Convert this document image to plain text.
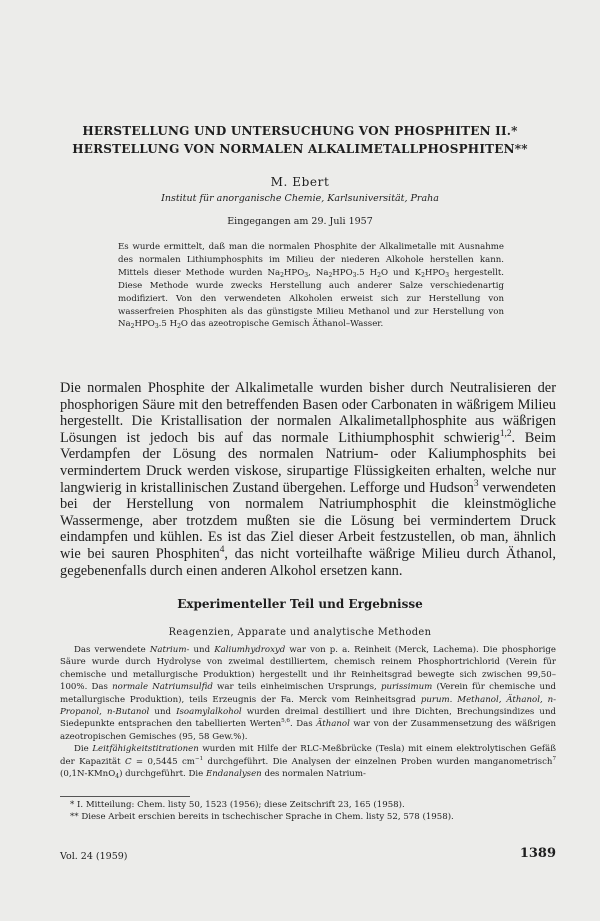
HERSTELLUNG UND UNTERSUCHUNG VON PHOSPHITEN II.*
HERSTELLUNG VON NORMALEN ALKALIMETALLPHOSPHITEN**
M. Ebert
Institut für anorganische Chemie, Karlsuniversität, Praha
Eingegangen am 29. Juli 1957
Es wurde ermittelt, daß man die normalen Phosphite der Alkalimetalle mit Ausnahme des normalen Lithiumphosphits im Milieu der niederen Alkohole herstellen kann. Mittels dieser Methode wurden $Na_2HPO_3$, $Na_2HPO_3.5$ $H_2O$ und $K_2HPO_3$ hergestellt. Diese Methode wurde zwecks Herstellung auch anderer Salze verschiedenartig modifiziert. Von den verwendeten Alkoholen erweist sich zur Herstellung von wasserfreien Phosphiten als das günstigste Milieu Methanol und zur Herstellung von $Na_2HPO_3.5$ $H_2O$ das azeotropische Gemisch Äthanol–Wasser.
Die normalen Phosphite der Alkalimetalle wurden bisher durch Neutralisieren der phosphorigen Säure mit den betreffenden Basen oder Carbonaten in wäßrigem Milieu hergestellt. Die Kristallisation der normalen Alkalimetallphosphite aus wäßrigen Lösungen ist jedoch bis auf das normale Lithiumphosphit schwierig$^{1,2}$. Beim Verdampfen der Lösung des normalen Natrium- oder Kaliumphosphits bei vermindertem Druck werden viskose, sirupartige Flüssigkeiten erhalten, welche nur langwierig in kristallinischen Zustand übergehen. Lefforge und Hudson$^3$ verwendeten bei der Herstellung von normalem Natriumphosphit die kleinstmögliche Wassermenge, aber trotzdem mußten sie die Lösung bei vermindertem Druck eindampfen und kühlen. Es ist das Ziel dieser Arbeit festzustellen, ob man, ähnlich wie bei sauren Phosphiten$^4$, das nicht vorteilhafte wäßrige Milieu durch Äthanol, gegebenenfalls durch einen anderen Alkohol ersetzen kann.
Experimenteller Teil und Ergebnisse
Reagenzien, Apparate und analytische Methoden

Das verwendete Natrium- und Kaliumhydroxyd war von p. a. Reinheit (Merck, Lachema). Die phosphorige Säure wurde durch Hydrolyse von zweimal destilliertem, chemisch reinem Phosphortrichlorid (Verein für chemische und metallurgische Produktion) hergestellt und ihr Reinheitsgrad bewegte sich zwischen 99,50–100%. Das normale Natriumsulfid war teils einheimischen Ursprungs, purissimum (Verein für chemische und metallurgische Produktion), teils Erzeugnis der Fa. Merck vom Reinheitsgrad purum. Methanol, Äthanol, n-Propanol, n-Butanol und Isoamylalkohol wurden dreimal destilliert und ihre Dichten, Brechungsindizes und Siedepunkte entsprachen den tabellierten Werten$^{5,6}$. Das Äthanol war von der Zusammensetzung des wäßrigen azeotropischen Gemisches (95, 58 Gew.%).

Die Leitfähigkeitstitrationen wurden mit Hilfe der RLC-Meßbrücke (Tesla) mit einem elektrolytischen Gefäß der Kapazität C = 0,5445 $cm^{-1}$ durchgeführt. Die Analysen der einzelnen Proben wurden manganometrisch$^7$ (0,1N-KMnO$_4$) durchgeführt. Die Endanalysen des normalen Natrium-

* I. Mitteilung: Chem. listy 50, 1523 (1956); diese Zeitschrift 23, 165 (1958).
** Diese Arbeit erschien bereits in tschechischer Sprache in Chem. listy 52, 578 (1958).
Vol. 24 (1959)	1389
